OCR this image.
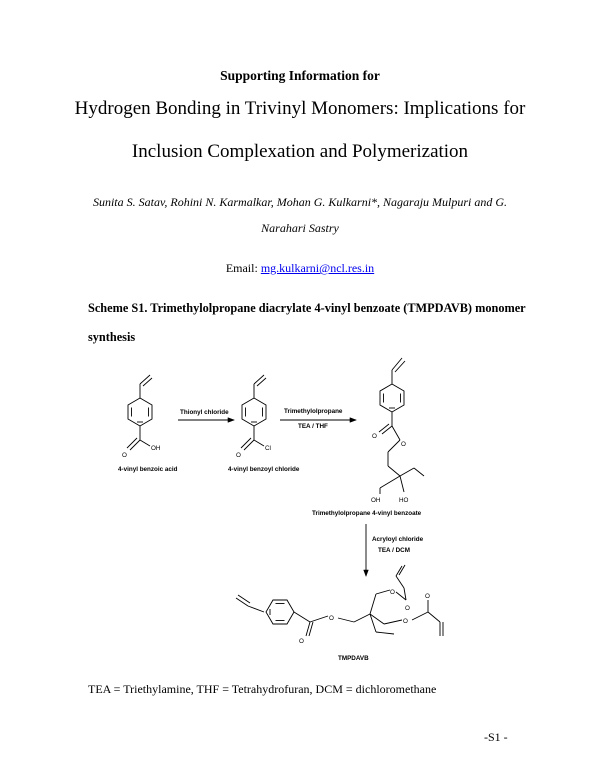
Supporting Information for
Hydrogen Bonding in Trivinyl Monomers: Implications for
Inclusion Complexation and Polymerization
Sunita S. Satav, Rohini N. Karmalkar, Mohan G. Kulkarni*, Nagaraju Mulpuri and G.
Narahari Sastry
Email: mg.kulkarni@ncl.res.in
Scheme S1. Trimethylolpropane diacrylate 4-vinyl benzoate (TMPDAVB) monomer
synthesis
O
OH
4-vinyl benzoic acid
Thionyl chloride
O
Cl
4-vinyl benzoyl chloride
Trimethylolpropane
TEA / THF
O
O
OH	HO
Trimethylolpropane 4-vinyl benzoate
Acryloyl chloride
TEA / DCM
O
O
O
O
O
O
TMPDAVB
TEA = Triethylamine, THF = Tetrahydrofuran, DCM = dichloromethane
-S1 -
